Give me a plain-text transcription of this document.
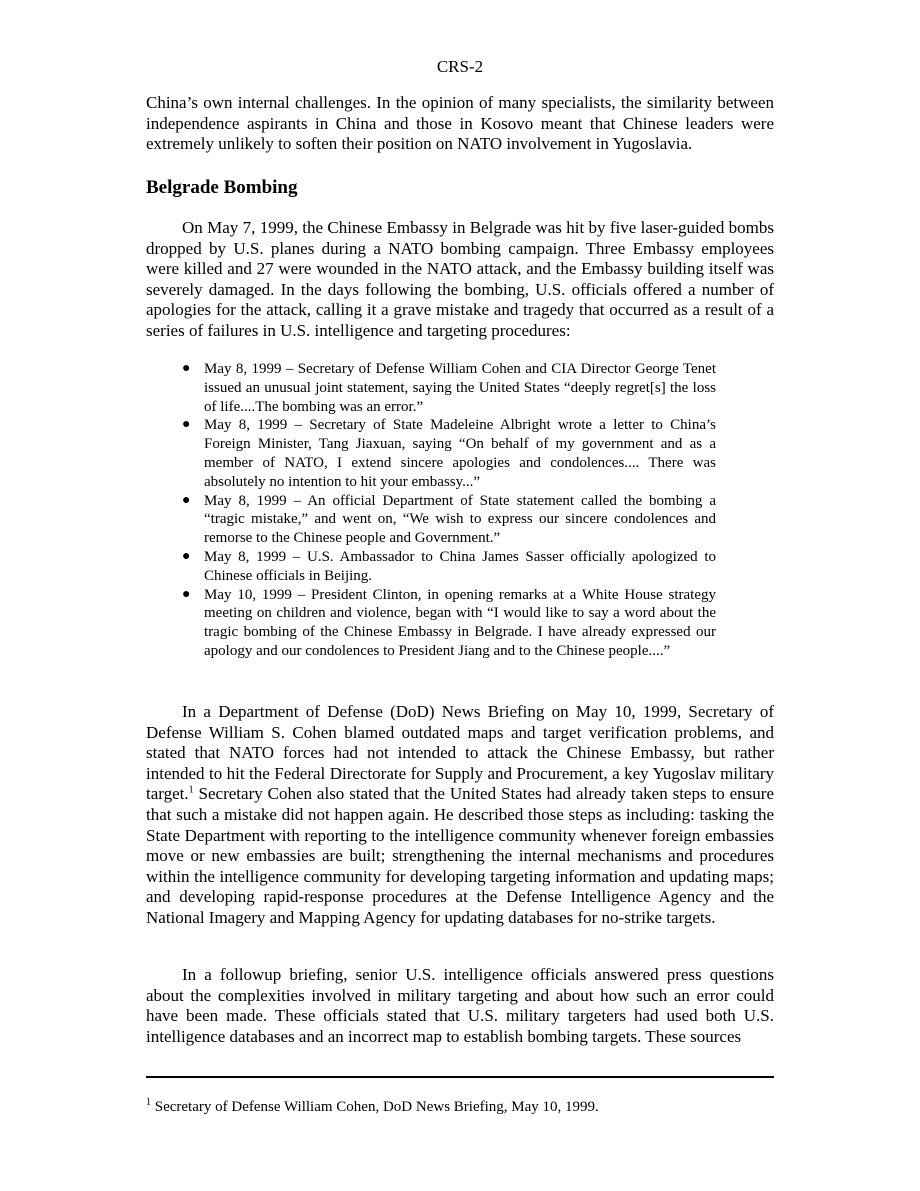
CRS-2

China’s own internal challenges. In the opinion of many specialists, the similarity between independence aspirants in China and those in Kosovo meant that Chinese leaders were extremely unlikely to soften their position on NATO involvement in Yugoslavia.

Belgrade Bombing

On May 7, 1999, the Chinese Embassy in Belgrade was hit by five laser-guided bombs dropped by U.S. planes during a NATO bombing campaign. Three Embassy employees were killed and 27 were wounded in the NATO attack, and the Embassy building itself was severely damaged. In the days following the bombing, U.S. officials offered a number of apologies for the attack, calling it a grave mistake and tragedy that occurred as a result of a series of failures in U.S. intelligence and targeting procedures:

● May 8, 1999 – Secretary of Defense William Cohen and CIA Director George Tenet issued an unusual joint statement, saying the United States “deeply regret[s] the loss of life....The bombing was an error.”
● May 8, 1999 – Secretary of State Madeleine Albright wrote a letter to China’s Foreign Minister, Tang Jiaxuan, saying “On behalf of my government and as a member of NATO, I extend sincere apologies and condolences.... There was absolutely no intention to hit your embassy...”
● May 8, 1999 – An official Department of State statement called the bombing a “tragic mistake,” and went on, “We wish to express our sincere condolences and remorse to the Chinese people and Government.”
● May 8, 1999 – U.S. Ambassador to China James Sasser officially apologized to Chinese officials in Beijing.
● May 10, 1999 – President Clinton, in opening remarks at a White House strategy meeting on children and violence, began with “I would like to say a word about the tragic bombing of the Chinese Embassy in Belgrade. I have already expressed our apology and our condolences to President Jiang and to the Chinese people....”

In a Department of Defense (DoD) News Briefing on May 10, 1999, Secretary of Defense William S. Cohen blamed outdated maps and target verification problems, and stated that NATO forces had not intended to attack the Chinese Embassy, but rather intended to hit the Federal Directorate for Supply and Procurement, a key Yugoslav military target.$^1$ Secretary Cohen also stated that the United States had already taken steps to ensure that such a mistake did not happen again. He described those steps as including: tasking the State Department with reporting to the intelligence community whenever foreign embassies move or new embassies are built; strengthening the internal mechanisms and procedures within the intelligence community for developing targeting information and updating maps; and developing rapid-response procedures at the Defense Intelligence Agency and the National Imagery and Mapping Agency for updating databases for no-strike targets.

In a followup briefing, senior U.S. intelligence officials answered press questions about the complexities involved in military targeting and about how such an error could have been made. These officials stated that U.S. military targeters had used both U.S. intelligence databases and an incorrect map to establish bombing targets. These sources

$^1$ Secretary of Defense William Cohen, DoD News Briefing, May 10, 1999.
